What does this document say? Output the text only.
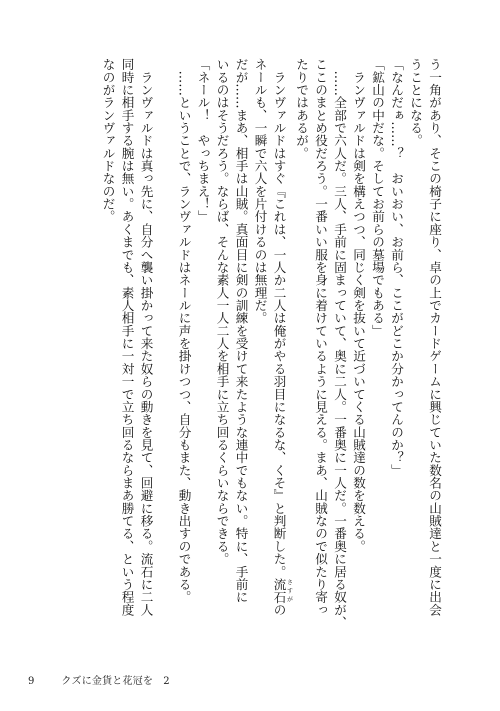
う一角があり、そこの椅子に座り、卓の上でカードゲームに興じていた数名の山賊達と一度に出会
うことになる。
「なんだぁ……？　おいおい、お前ら、ここがどこか分かってんのか？」
「鉱山の中だな。そしてお前らの墓場でもある」
　ランヴァルドは剣を構えつつ、同じく剣を抜いて近づいてくる山賊達の数を数える。
　……全部で六人だ。三人、手前に固まっていて、奥に二人。一番奥に一人だ。一番奥に居る奴が、
ここのまとめ役だろう。一番いい服を身に着けているように見える。まあ、山賊なので似たり寄っ
たりではあるが。
　ランヴァルドはすぐ『これは、一人か二人は俺がやる羽目になるな、くそ』と判断した。流石 さすがの
ネールも、一瞬で六人を片付けるのは無理だ。
だが……まあ、相手は山賊。真面目に剣の訓練を受けて来たような連中でもない。特に、手前に
いるのはそうだろう。ならば、そんな素人一人二人を相手に立ち回るくらいならできる。
「ネール！　やっちまえ！」
　……ということで、ランヴァルドはネールに声を掛けつつ、自分もまた、動き出すのである。
　ランヴァルドは真っ先に、自分へ襲い掛かって来た奴らの動きを見て、回避に移る。流石に二人
同時に相手する腕は無い。あくまでも、素人相手に一対一で立ち回るならまあ勝てる、という程度
なのがランヴァルドなのだ。
9	クズに金貨と花冠を　2
